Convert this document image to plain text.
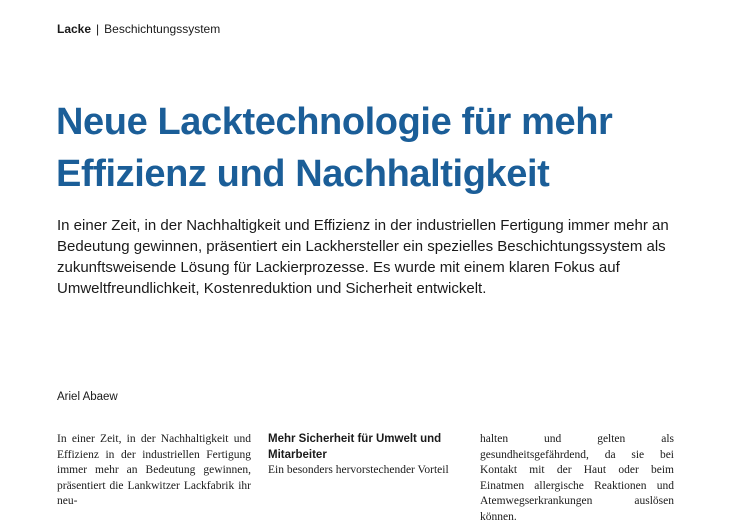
Lacke | Beschichtungssystem
Neue Lacktechnologie für mehr Effizienz und Nachhaltigkeit

In einer Zeit, in der Nachhaltigkeit und Effizienz in der industriellen Fertigung immer mehr an Bedeutung gewinnen, präsentiert ein Lackhersteller ein spezielles Beschichtungssystem als zukunftsweisende Lösung für Lackierprozesse. Es wurde mit einem klaren Fokus auf Umweltfreundlichkeit, Kostenreduktion und Sicherheit entwickelt.

Ariel Abaew

In einer Zeit, in der Nachhaltigkeit und Effizienz in der industriellen Fertigung immer mehr an Bedeutung gewinnen, präsentiert die Lankwitzer Lackfabrik ihr neu-

Mehr Sicherheit für Umwelt und Mitarbeiter

Ein besonders hervorstechender Vorteil

halten und gelten als gesundheitsgefährdend, da sie bei Kontakt mit der Haut oder beim Einatmen allergische Reaktionen und Atemwegserkrankungen auslösen können.
